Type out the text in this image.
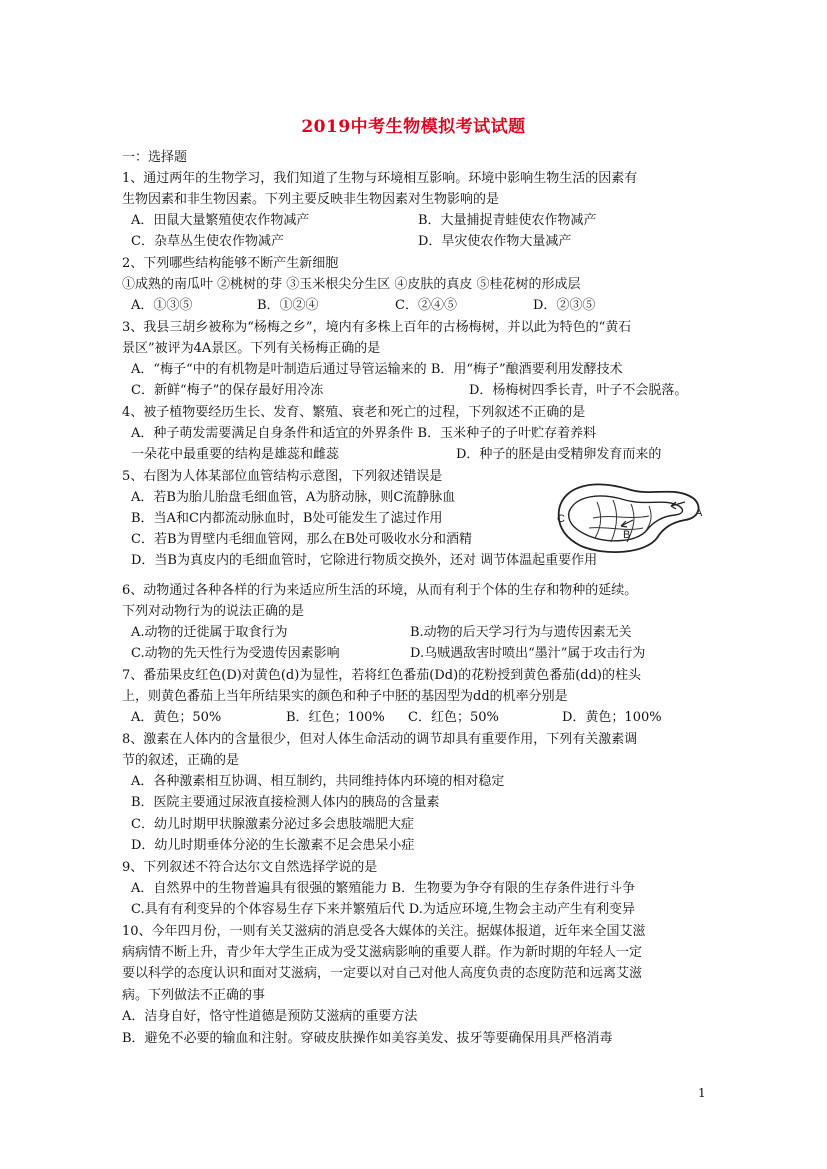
2019中考生物模拟考试试题
一：选择题
1、通过两年的生物学习，我们知道了生物与环境相互影响。环境中影响生物生活的因素有
生物因素和非生物因素。下列主要反映非生物因素对生物影响的是
A．田鼠大量繁殖使农作物减产	B．大量捕捉青蛙使农作物减产
C．杂草丛生使农作物减产	D．旱灾使农作物大量减产
2、下列哪些结构能够不断产生新细胞
①成熟的南瓜叶 ②桃树的芽 ③玉米根尖分生区 ④皮肤的真皮 ⑤桂花树的形成层
A．①③⑤	B．①②④	C．②④⑤	D．②③⑤
3、我县三胡乡被称为“杨梅之乡”，境内有多株上百年的古杨梅树，并以此为特色的“黄石
景区”被评为4A景区。下列有关杨梅正确的是
A．“梅子“中的有机物是叶制造后通过导管运输来的 B．用“梅子”酿酒要利用发酵技术
C．新鲜“梅子”的保存最好用冷冻	D．杨梅树四季长青，叶子不会脱落。
4、被子植物要经历生长、发育、繁殖、衰老和死亡的过程，下列叙述不正确的是
A．种子萌发需要满足自身条件和适宜的外界条件 B．玉米种子的子叶贮存着养料
一朵花中最重要的结构是雄蕊和雌蕊	D．种子的胚是由受精卵发育而来的
5、右图为人体某部位血管结构示意图，下列叙述错误是
A．若B为胎儿胎盘毛细血管，A为脐动脉，则C流静脉血
B．当A和C内都流动脉血时，B处可能发生了滤过作用
C．若B为胃壁内毛细血管网，那么在B处可吸收水分和酒精
D．当B为真皮内的毛细血管时，它除进行物质交换外，还对 调节体温起重要作用
A
B
C
6、动物通过各种各样的行为来适应所生活的环境，从而有利于个体的生存和物种的延续。
下列对动物行为的说法正确的是
A.动物的迁徙属于取食行为	B.动物的后天学习行为与遗传因素无关
C.动物的先天性行为受遗传因素影响	D.乌贼遇敌害时喷出“墨汁”属于攻击行为
7、番茄果皮红色(D)对黄色(d)为显性，若将红色番茄(Dd)的花粉授到黄色番茄(dd)的柱头
上，则黄色番茄上当年所结果实的颜色和种子中胚的基因型为dd的机率分别是
A．黄色；50%	B．红色；100% C．红色；50%	D．黄色；100%
8、激素在人体内的含量很少，但对人体生命活动的调节却具有重要作用，下列有关激素调
节的叙述，正确的是
A．各种激素相互协调、相互制约，共同维持体内环境的相对稳定
B．医院主要通过尿液直接检测人体内的胰岛的含量素
C．幼儿时期甲状腺激素分泌过多会患肢端肥大症
D．幼儿时期垂体分泌的生长激素不足会患呆小症
9、下列叙述不符合达尔文自然选择学说的是
A．自然界中的生物普遍具有很强的繁殖能力 B．生物要为争夺有限的生存条件进行斗争
C.具有有利变异的个体容易生存下来并繁殖后代 D.为适应环境,生物会主动产生有利变异
10、今年四月份，一则有关艾滋病的消息受各大媒体的关注。据媒体报道，近年来全国艾滋
病病情不断上升，青少年大学生正成为受艾滋病影响的重要人群。作为新时期的年轻人一定
要以科学的态度认识和面对艾滋病，一定要以对自己对他人高度负责的态度防范和远离艾滋
病。下列做法不正确的事
A．洁身自好，恪守性道德是预防艾滋病的重要方法
B．避免不必要的输血和注射。穿破皮肤操作如美容美发、拔牙等要确保用具严格消毒
1
